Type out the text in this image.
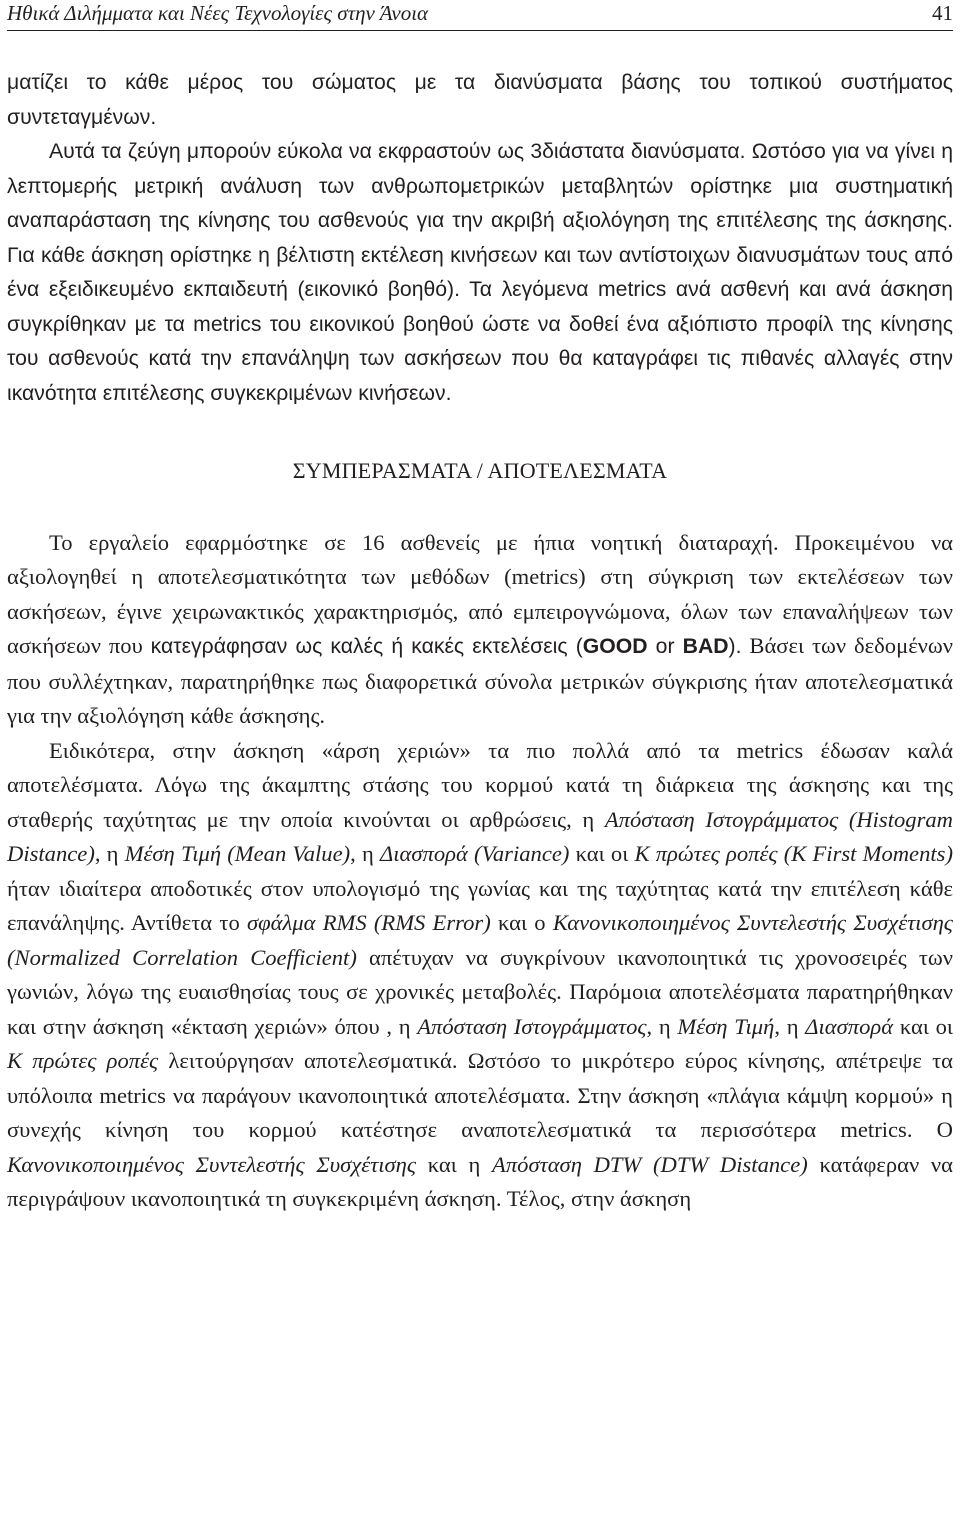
Ηθικά Διλήμματα και Νέες Τεχνολογίες στην Άνοια	41

ματίζει το κάθε μέρος του σώματος με τα διανύσματα βάσης του τοπικού συστήματος συντεταγμένων.

Αυτά τα ζεύγη μπορούν εύκολα να εκφραστούν ως 3διάστατα διανύσματα. Ωστόσο για να γίνει η λεπτομερής μετρική ανάλυση των ανθρωπομετρικών μεταβλητών ορίστηκε μια συστηματική αναπαράσταση της κίνησης του ασθενούς για την ακριβή αξιολόγηση της επιτέλεσης της άσκησης. Για κάθε άσκηση ορίστηκε η βέλτιστη εκτέλεση κινήσεων και των αντίστοιχων διανυσμάτων τους από ένα εξειδικευμένο εκπαιδευτή (εικονικό βοηθό). Τα λεγόμενα metrics ανά ασθενή και ανά άσκηση συγκρίθηκαν με τα metrics του εικονικού βοηθού ώστε να δοθεί ένα αξιόπιστο προφίλ της κίνησης του ασθενούς κατά την επανάληψη των ασκήσεων που θα καταγράφει τις πιθανές αλλαγές στην ικανότητα επιτέλεσης συγκεκριμένων κινήσεων.

ΣΥΜΠΕΡΑΣΜΑΤΑ / ΑΠΟΤΕΛΕΣΜΑΤΑ

Το εργαλείο εφαρμόστηκε σε 16 ασθενείς με ήπια νοητική διαταραχή. Προκειμένου να αξιολογηθεί η αποτελεσματικότητα των μεθόδων (metrics) στη σύγκριση των εκτελέσεων των ασκήσεων, έγινε χειρωνακτικός χαρακτηρισμός, από εμπειρογνώμονα, όλων των επαναλήψεων των ασκήσεων που κατεγράφησαν ως καλές ή κακές εκτελέσεις (GOOD or BAD). Βάσει των δεδομένων που συλλέχτηκαν, παρατηρήθηκε πως διαφορετικά σύνολα μετρικών σύγκρισης ήταν αποτελεσματικά για την αξιολόγηση κάθε άσκησης.

Ειδικότερα, στην άσκηση «άρση χεριών» τα πιο πολλά από τα metrics έδωσαν καλά αποτελέσματα. Λόγω της άκαμπτης στάσης του κορμού κατά τη διάρκεια της άσκησης και της σταθερής ταχύτητας με την οποία κινούνται οι αρθρώσεις, η Απόσταση Ιστογράμματος (Histogram Distance), η Μέση Τιμή (Mean Value), η Διασπορά (Variance) και οι Κ πρώτες ροπές (K First Moments) ήταν ιδιαίτερα αποδοτικές στον υπολογισμό της γωνίας και της ταχύτητας κατά την επιτέλεση κάθε επανάληψης. Αντίθετα το σφάλμα RMS (RMS Error) και ο Κανονικοποιημένος Συντελεστής Συσχέτισης (Normalized Correlation Coefficient) απέτυχαν να συγκρίνουν ικανοποιητικά τις χρονοσειρές των γωνιών, λόγω της ευαισθησίας τους σε χρονικές μεταβολές. Παρόμοια αποτελέσματα παρατηρήθηκαν και στην άσκηση «έκταση χεριών» όπου , η Απόσταση Ιστογράμματος, η Μέση Τιμή, η Διασπορά και οι Κ πρώτες ροπές λειτούργησαν αποτελεσματικά. Ωστόσο το μικρότερο εύρος κίνησης, απέτρεψε τα υπόλοιπα metrics να παράγουν ικανοποιητικά αποτελέσματα. Στην άσκηση «πλάγια κάμψη κορμού» η συνεχής κίνηση του κορμού κατέστησε αναποτελεσματικά τα περισσότερα metrics. Ο Κανονικοποιημένος Συντελεστής Συσχέτισης και η Απόσταση DTW (DTW Distance) κατάφεραν να περιγράψουν ικανοποιητικά τη συγκεκριμένη άσκηση. Τέλος, στην άσκηση
